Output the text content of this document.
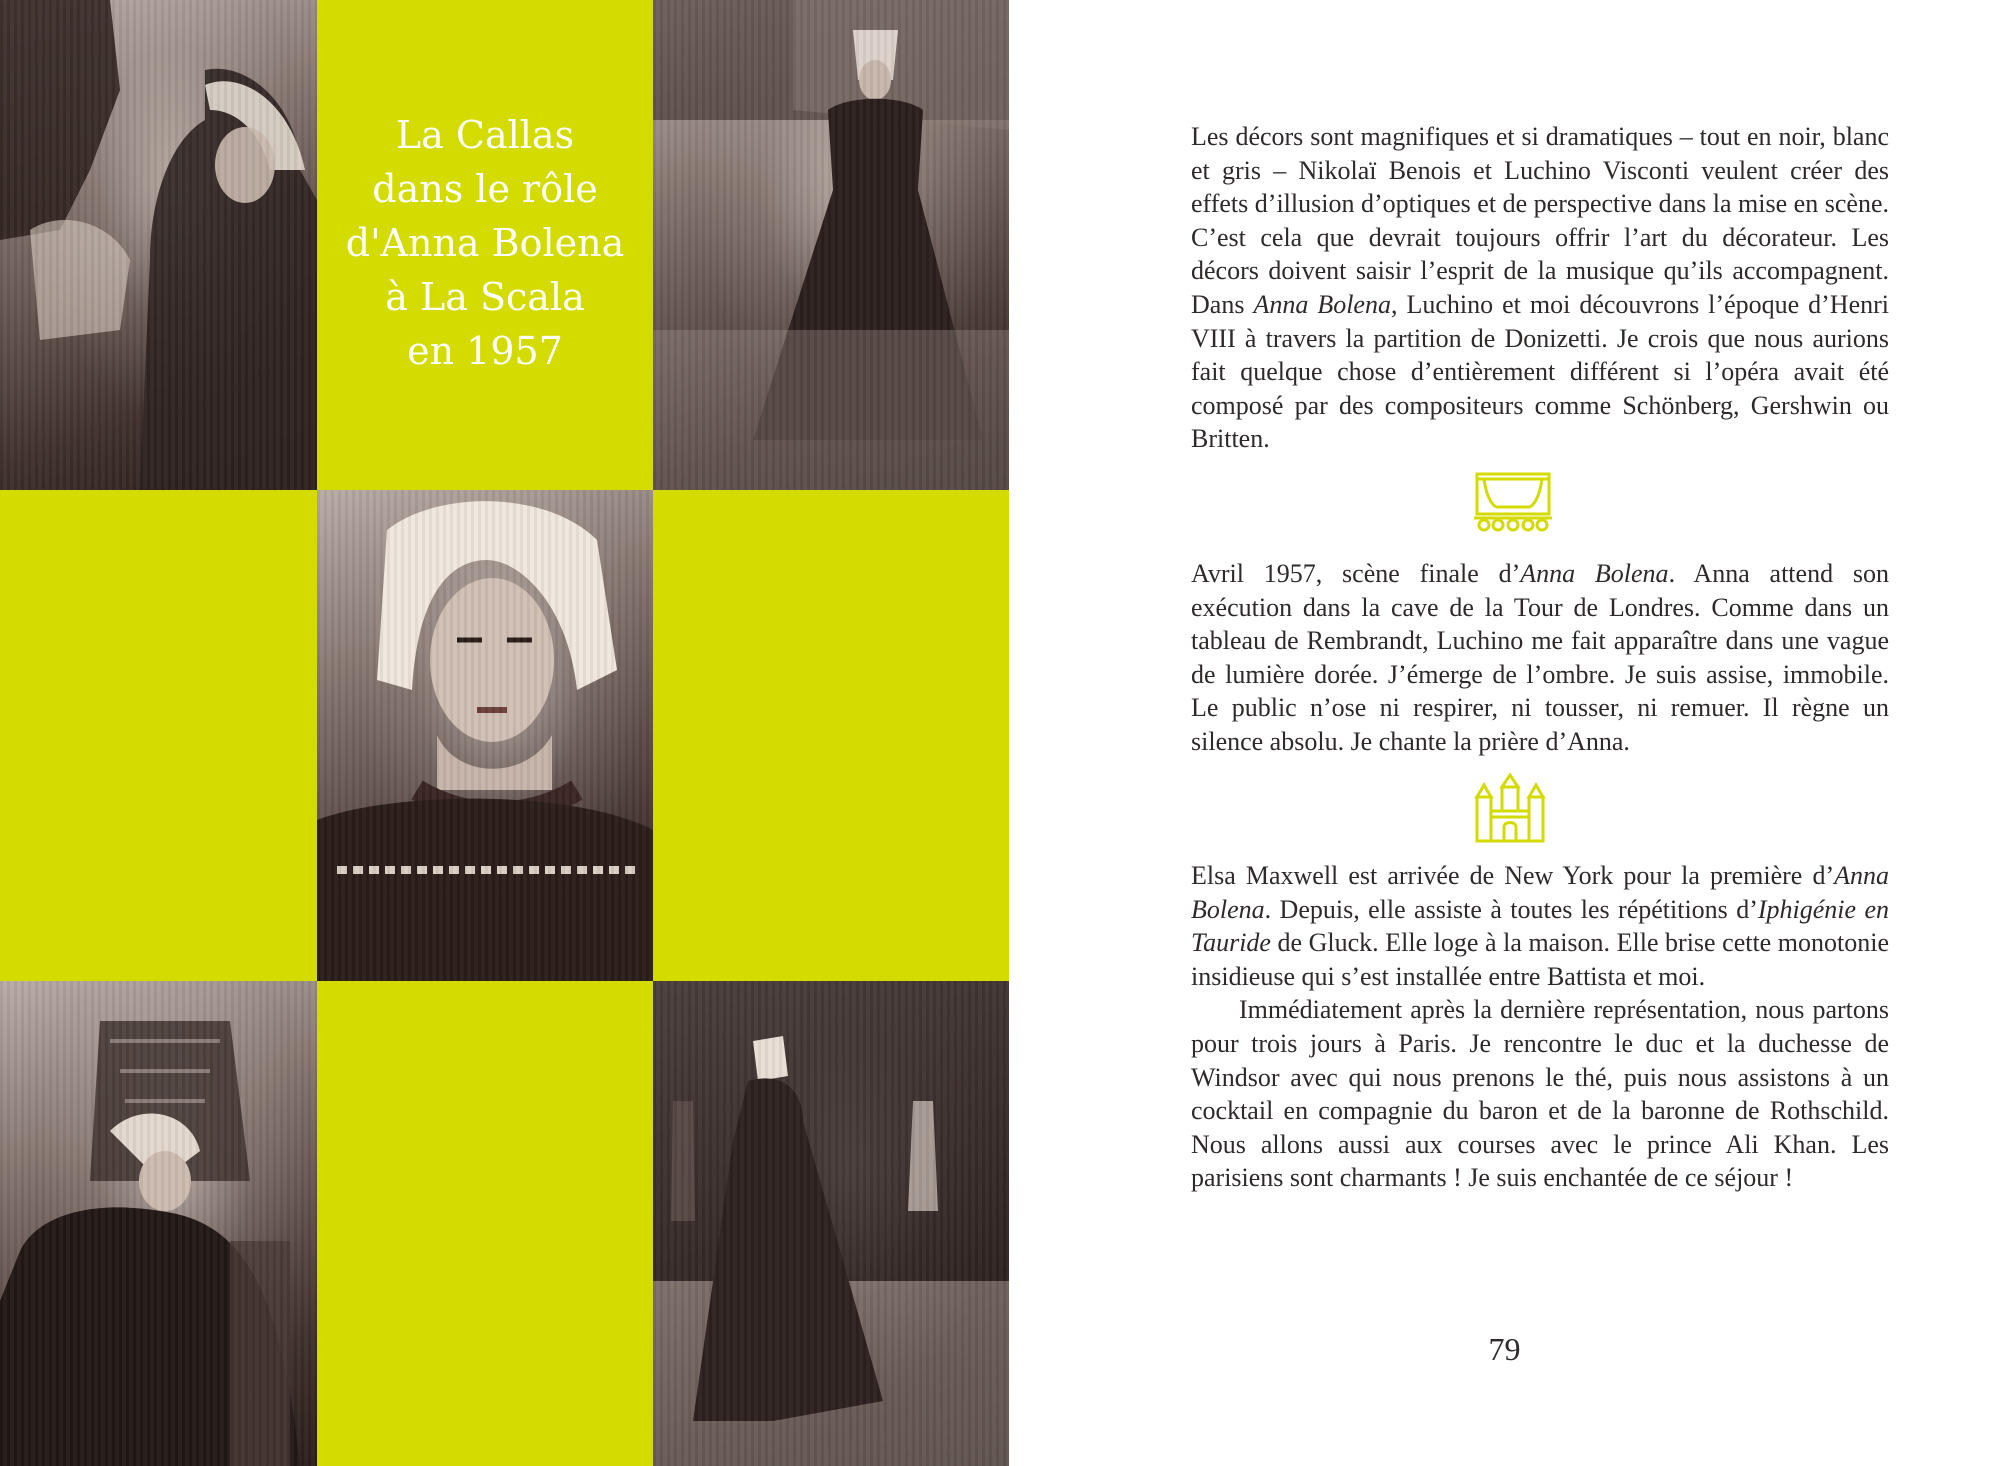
La Callas
dans le rôle
d'Anna Bolena
à La Scala
en 1957

Les décors sont magnifiques et si dramatiques – tout en noir, blanc et gris – Nikolaï Benois et Luchino Visconti veulent créer des effets d’illusion d’optiques et de perspective dans la mise en scène. C’est cela que devrait toujours offrir l’art du décorateur. Les décors doivent saisir l’esprit de la musique qu’ils accompagnent. Dans Anna Bolena, Luchino et moi découvrons l’époque d’Henri VIII à travers la partition de Donizetti. Je crois que nous aurions fait quelque chose d’entièrement différent si l’opéra avait été composé par des compositeurs comme Schönberg, Gershwin ou Britten.

Avril 1957, scène finale d’Anna Bolena. Anna attend son exécution dans la cave de la Tour de Londres. Comme dans un tableau de Rembrandt, Luchino me fait apparaître dans une vague de lumière dorée. J’émerge de l’ombre. Je suis assise, immobile. Le public n’ose ni respirer, ni tousser, ni remuer. Il règne un silence absolu. Je chante la prière d’Anna.

Elsa Maxwell est arrivée de New York pour la première d’Anna Bolena. Depuis, elle assiste à toutes les répétitions d’Iphigénie en Tauride de Gluck. Elle loge à la maison. Elle brise cette monotonie insidieuse qui s’est installée entre Battista et moi.

Immédiatement après la dernière représentation, nous partons pour trois jours à Paris. Je rencontre le duc et la duchesse de Windsor avec qui nous prenons le thé, puis nous assistons à un cocktail en compagnie du baron et de la baronne de Rothschild. Nous allons aussi aux courses avec le prince Ali Khan. Les parisiens sont charmants ! Je suis enchantée de ce séjour !

79
